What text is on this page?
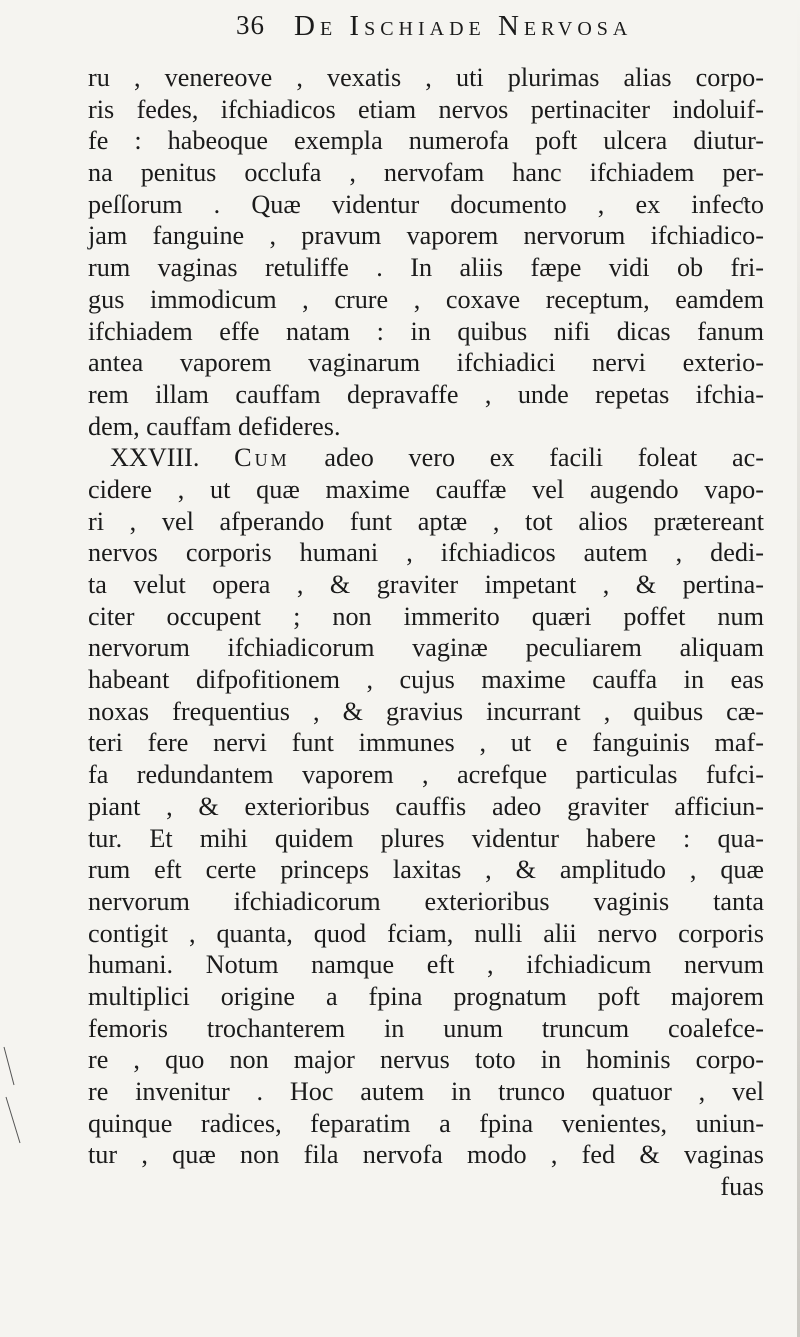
36 De Ischiade Nervosa
ru , venereove , vexatis , uti plurimas alias corpo-
ris fedes, ifchiadicos etiam nervos pertinaciter indoluif-
fe : habeoque exempla numerofa poft ulcera diutur-
na penitus occlufa , nervofam hanc ifchiadem per-
peſſorum . Quæ videntur documento , ex infeƈto
jam fanguine , pravum vaporem nervorum ifchiadico-
rum vaginas retuliffe . In aliis fæpe vidi ob fri-
gus immodicum , crure , coxave receptum, eamdem
ifchiadem effe natam : in quibus nifi dicas fanum
antea vaporem vaginarum ifchiadici nervi exterio-
rem illam cauffam depravaffe , unde repetas ifchia-
dem, cauffam defideres.
XXVIII. Cum adeo vero ex facili foleat ac-
cidere , ut quæ maxime cauffæ vel augendo vapo-
ri , vel afperando funt aptæ , tot alios prætereant
nervos corporis humani , ifchiadicos autem , dedi-
ta velut opera , & graviter impetant , & pertina-
citer occupent ; non immerito quæri poffet num
nervorum ifchiadicorum vaginæ peculiarem aliquam
habeant difpofitionem , cujus maxime cauffa in eas
noxas frequentius , & gravius incurrant , quibus cæ-
teri fere nervi funt immunes , ut e fanguinis maf-
fa redundantem vaporem , acrefque particulas fufci-
piant , & exterioribus cauffis adeo graviter afficiun-
tur. Et mihi quidem plures videntur habere : qua-
rum eft certe princeps laxitas , & amplitudo , quæ
nervorum ifchiadicorum exterioribus vaginis tanta
contigit , quanta, quod fciam, nulli alii nervo corporis
humani. Notum namque eft , ifchiadicum nervum
multiplici origine a fpina prognatum poft majorem
femoris trochanterem in unum truncum coalefce-
re , quo non major nervus toto in hominis corpo-
re invenitur . Hoc autem in trunco quatuor , vel
quinque radices, feparatim a fpina venientes, uniun-
tur , quæ non fila nervofa modo , fed & vaginas
fuas
